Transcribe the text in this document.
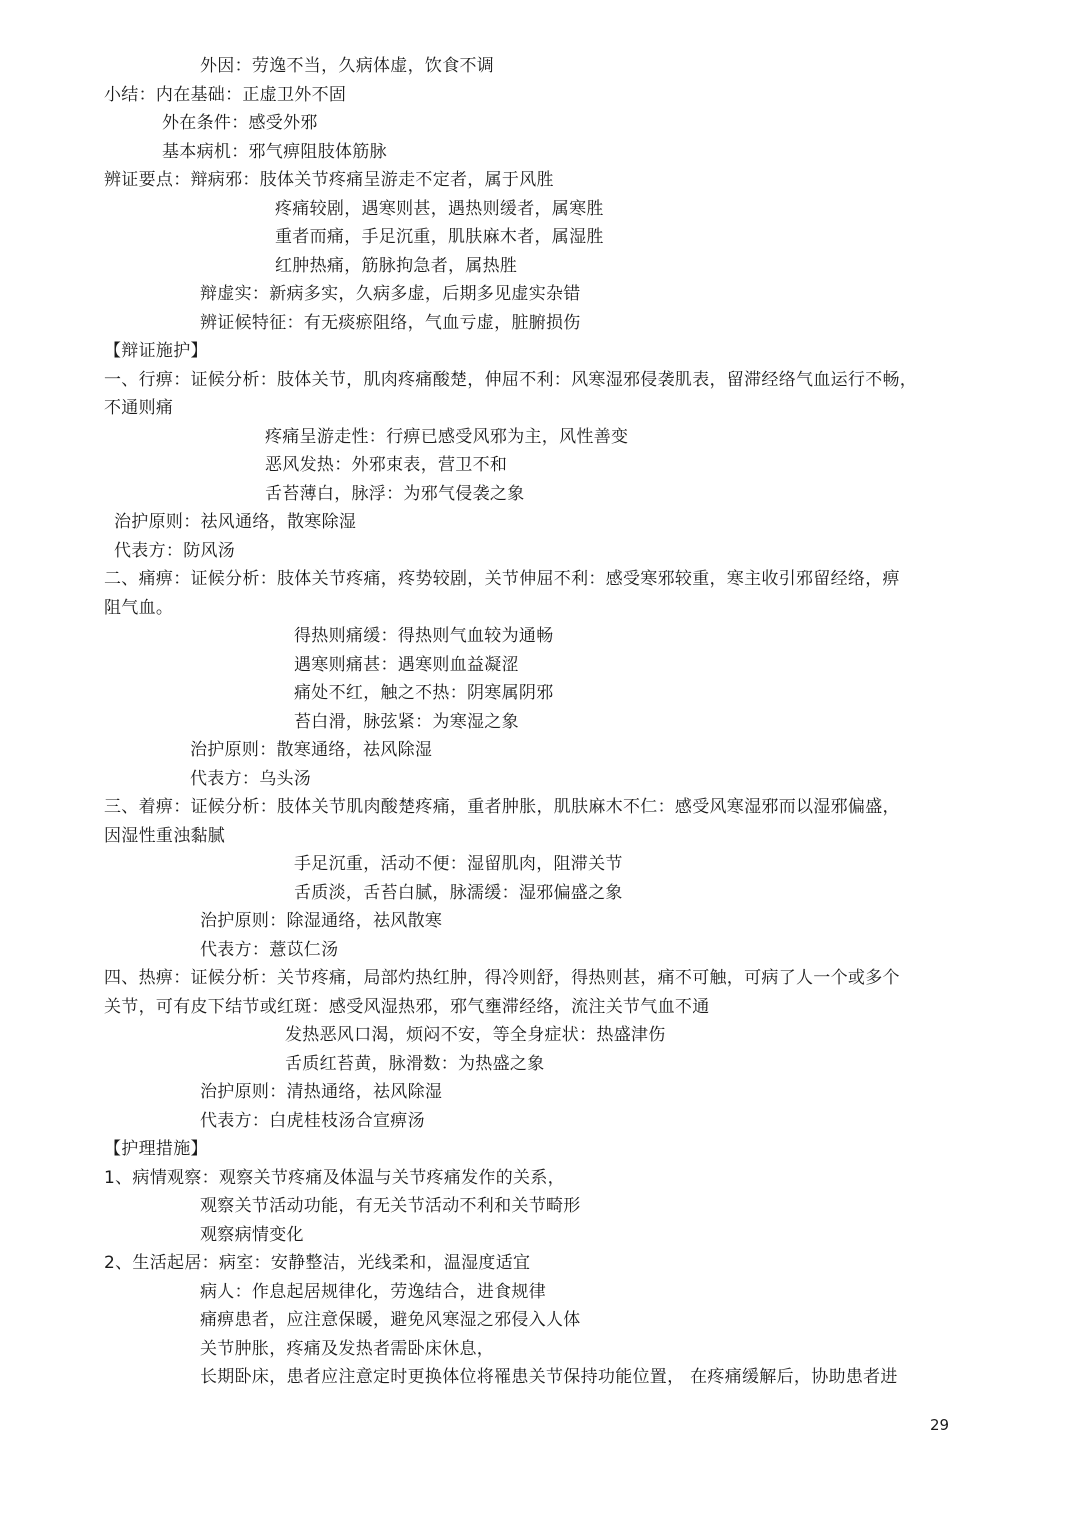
外因：劳逸不当，久病体虚，饮食不调
小结：内在基础：正虚卫外不固
外在条件：感受外邪
基本病机：邪气痹阻肢体筋脉
辨证要点：辩病邪：肢体关节疼痛呈游走不定者，属于风胜
疼痛较剧，遇寒则甚，遇热则缓者，属寒胜
重者而痛，手足沉重，肌肤麻木者，属湿胜
红肿热痛，筋脉拘急者，属热胜
辩虚实：新病多实，久病多虚，后期多见虚实杂错
辨证候特征：有无痰瘀阻络，气血亏虚，脏腑损伤
【辩证施护】
一、行痹：证候分析：肢体关节，肌肉疼痛酸楚，伸屈不利：风寒湿邪侵袭肌表，留滞经络气血运行不畅，
不通则痛
疼痛呈游走性：行痹已感受风邪为主，风性善变
恶风发热：外邪束表，营卫不和
舌苔薄白，脉浮：为邪气侵袭之象
治护原则：祛风通络，散寒除湿
代表方：防风汤
二、痛痹：证候分析：肢体关节疼痛，疼势较剧，关节伸屈不利：感受寒邪较重，寒主收引邪留经络，痹
阻气血。
得热则痛缓：得热则气血较为通畅
遇寒则痛甚：遇寒则血益凝涩
痛处不红，触之不热：阴寒属阴邪
苔白滑，脉弦紧：为寒湿之象
治护原则：散寒通络，祛风除湿
代表方：乌头汤
三、着痹：证候分析：肢体关节肌肉酸楚疼痛，重者肿胀，肌肤麻木不仁：感受风寒湿邪而以湿邪偏盛，
因湿性重浊黏腻
手足沉重，活动不便：湿留肌肉，阻滞关节
舌质淡，舌苔白腻，脉濡缓：湿邪偏盛之象
治护原则：除湿通络，祛风散寒
代表方：薏苡仁汤
四、热痹：证候分析：关节疼痛，局部灼热红肿，得冷则舒，得热则甚，痛不可触，可病了人一个或多个
关节，可有皮下结节或红斑：感受风湿热邪，邪气壅滞经络，流注关节气血不通
发热恶风口渴，烦闷不安，等全身症状：热盛津伤
舌质红苔黄，脉滑数：为热盛之象
治护原则：清热通络，祛风除湿
代表方：白虎桂枝汤合宣痹汤
【护理措施】
1、病情观察：观察关节疼痛及体温与关节疼痛发作的关系，
观察关节活动功能，有无关节活动不利和关节畸形
观察病情变化
2、生活起居：病室：安静整洁，光线柔和，温湿度适宜
病人：作息起居规律化，劳逸结合，进食规律
痛痹患者，应注意保暖，避免风寒湿之邪侵入人体
关节肿胀，疼痛及发热者需卧床休息，
长期卧床，患者应注意定时更换体位将罹患关节保持功能位置， 在疼痛缓解后，协助患者进
29
